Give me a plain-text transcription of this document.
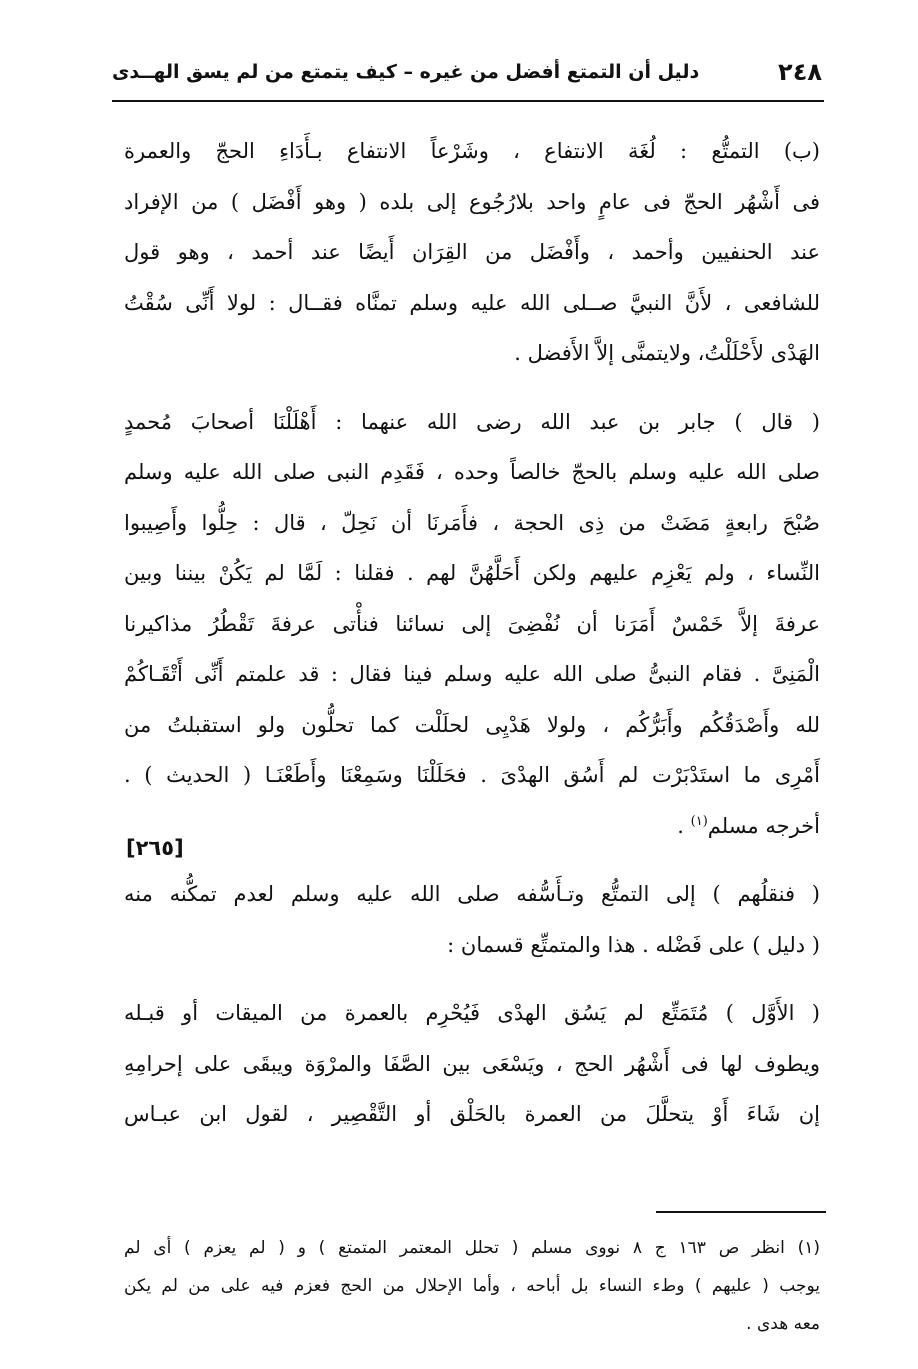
٢٤٨
دليل أن التمتع أفضل من غيره – كيف يتمتع من لم يسق الهــدى
(ب) التمتُّع : لُغَة الانتفاع ، وشَرْعاً الانتفاع بـأَدَاءِ الحجّ والعمرة
فى أَشْهُر الحجّ فى عامٍ واحد بلارُجُوع إلى بلده ( وهو أَفْضَل ) من الإفراد
عند الحنفيين وأحمد ، وأَفْضَل من القِرَان أَيضًا عند أحمد ، وهو قول
للشافعى ، لأَنَّ النبيَّ صــلى الله عليه وسلم تمنَّاه فقــال : لولا أَنِّى سُقْتُ
الهَدْى لأَحْلَلْتُ، ولايتمنَّى إلاَّ الأَفضل .
( قال ) جابر بن عبد الله رضى الله عنهما : أَهْلَلْنَا أصحابَ مُحمدٍ
صلى الله عليه وسلم بالحجّ خالصاً وحده ، فَقَدِم النبى صلى الله عليه وسلم
صُبْحَ رابعةٍ مَضَتْ من ذِى الحجة ، فأَمَرنَا أن نَحِلّ ، قال : حِلُّوا وأَصِيبوا
النِّساء ، ولم يَعْزِم عليهم ولكن أَحَلَّهُنَّ لهم . فقلنا : لَمَّا لم يَكُنْ بيننا وبين
عرفةَ إلاَّ خَمْسٌ أَمَرَنا أن نُفْضِىَ إلى نسائنا فنأْتى عرفةَ تَقْطُرُ مذاكيرنا
الْمَنِىَّ . فقام النبىُّ صلى الله عليه وسلم فينا فقال : قد علمتم أَنِّى أَتْقَـاكُمْ
لله وأَصْدَقُكُم وأَبَرُّكُم ، ولولا هَدْيِى لحلَلْت كما تحلُّون ولو استقبلتُ من
أَمْرِى ما استَدْبَرْت لم أَسُق الهدْىَ . فحَلَلْنَا وسَمِعْنَا وأَطَعْنَـا ( الحديث ) .
أخرجه مسلم$^{(١)}$ .
( فنقلُهم ) إلى التمتُّع وتـأَسُّفه صلى الله عليه وسلم لعدم تمكُّنه منه
( دليل ) على فَضْله . هذا والمتمتِّع قسمان :
( الأَوَّل ) مُتَمَتِّع لم يَسُق الهدْى فَيُحْرِم بالعمرة من الميقات أو قبـله
ويطوف لها فى أَشْهُر الحج ، ويَسْعَى بين الصَّفَا والمرْوَة ويبقَى على إحرامِهِ
إن شَاءَ أَوْ يتحلَّلَ من العمرة بالحَلْق أو التَّقْصِير ، لقول ابن عبـاس
[٢٦٥]
(١) انظر ص ١٦٣ ج ٨ نووى مسلم ( تحلل المعتمر المتمتع ) و ( لم يعزم ) أى لم
يوجب ( عليهم ) وطء النساء بل أباحه ، وأما الإحلال من الحج فعزم فيه على من لم يكن
معه هدى .
